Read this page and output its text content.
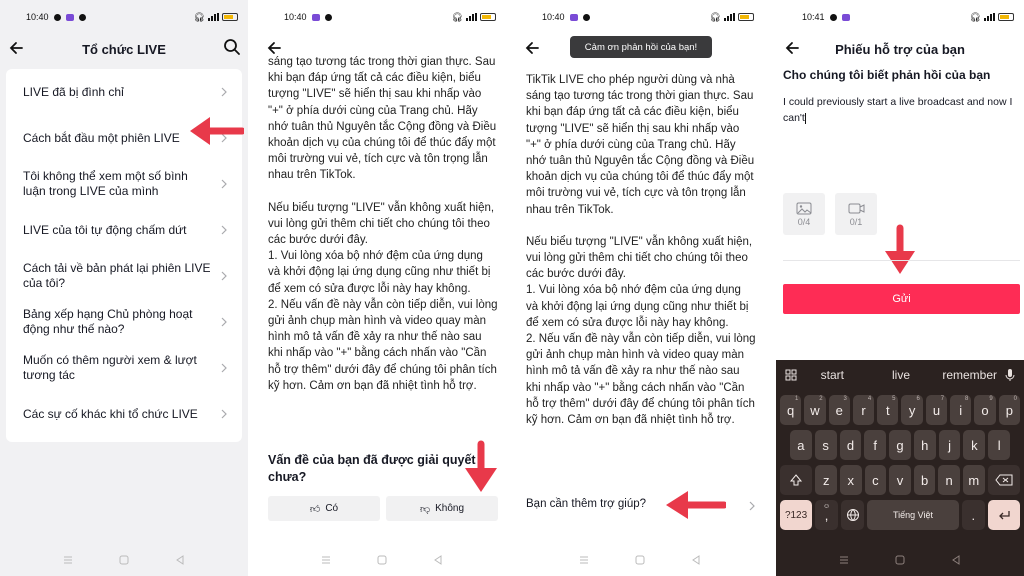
10:40	🎧︎
Tổ chức LIVE
LIVE đã bị đình chỉ
Cách bắt đầu một phiên LIVE
Tôi không thể xem một số bình luận trong LIVE của mình
LIVE của tôi tự động chấm dứt
Cách tải về bản phát lại phiên LIVE của tôi?
Bảng xếp hạng Chủ phòng hoạt động như thế nào?
Muốn có thêm người xem & lượt tương tác
Các sự cố khác khi tổ chức LIVE
10:40	🎧︎

sáng tạo tương tác trong thời gian thực. Sau khi bạn đáp ứng tất cả các điều kiện, biểu tượng "LIVE" sẽ hiển thị sau khi nhấp vào "+" ở phía dưới cùng của Trang chủ. Hãy nhớ tuân thủ Nguyên tắc Cộng đồng và Điều khoản dịch vụ của chúng tôi để thúc đẩy một môi trường vui vẻ, tích cực và tôn trọng lẫn nhau trên TikTok.

Nếu biểu tượng "LIVE" vẫn không xuất hiện, vui lòng gửi thêm chi tiết cho chúng tôi theo các bước dưới đây.
1. Vui lòng xóa bộ nhớ đệm của ứng dụng và khởi động lại ứng dụng cũng như thiết bị để xem có sửa được lỗi này hay không.
2. Nếu vấn đề này vẫn còn tiếp diễn, vui lòng gửi ảnh chụp màn hình và video quay màn hình mô tả vấn đề xảy ra như thế nào sau khi nhấp vào "+" bằng cách nhấn vào "Cần hỗ trợ thêm" dưới đây để chúng tôi phân tích kỹ hơn. Cảm ơn bạn đã nhiệt tình hỗ trợ.

Vấn đề của bạn đã được giải quyết chưa?
👍︎ Có	👎︎ Không
10:40	🎧︎
Cảm ơn phản hồi của bạn!

TikTik LIVE cho phép người dùng và nhà sáng tạo tương tác trong thời gian thực. Sau khi bạn đáp ứng tất cả các điều kiện, biểu tượng "LIVE" sẽ hiển thị sau khi nhấp vào "+" ở phía dưới cùng của Trang chủ. Hãy nhớ tuân thủ Nguyên tắc Cộng đồng và Điều khoản dịch vụ của chúng tôi để thúc đẩy một môi trường vui vẻ, tích cực và tôn trọng lẫn nhau trên TikTok.

Nếu biểu tượng "LIVE" vẫn không xuất hiện, vui lòng gửi thêm chi tiết cho chúng tôi theo các bước dưới đây.
1. Vui lòng xóa bộ nhớ đệm của ứng dụng và khởi động lại ứng dụng cũng như thiết bị để xem có sửa được lỗi này hay không.
2. Nếu vấn đề này vẫn còn tiếp diễn, vui lòng gửi ảnh chụp màn hình và video quay màn hình mô tả vấn đề xảy ra như thế nào sau khi nhấp vào "+" bằng cách nhấn vào "Cần hỗ trợ thêm" dưới đây để chúng tôi phân tích kỹ hơn. Cảm ơn bạn đã nhiệt tình hỗ trợ.

Bạn cần thêm trợ giúp?
10:41	🎧︎
Phiếu hỗ trợ của bạn
Cho chúng tôi biết phản hồi của bạn
I could previously start a live broadcast and now I can't
0/4	0/1
Gửi
start	live	remember
q
1
w
2
e
3
r
4
t
5
y
6
u
7
i
8
o
9
p
0
a	s	d	f	g	h	j	k	l
z	x	c	v	b	n	m
?123	,
☺︎
Tiếng Việt	.
